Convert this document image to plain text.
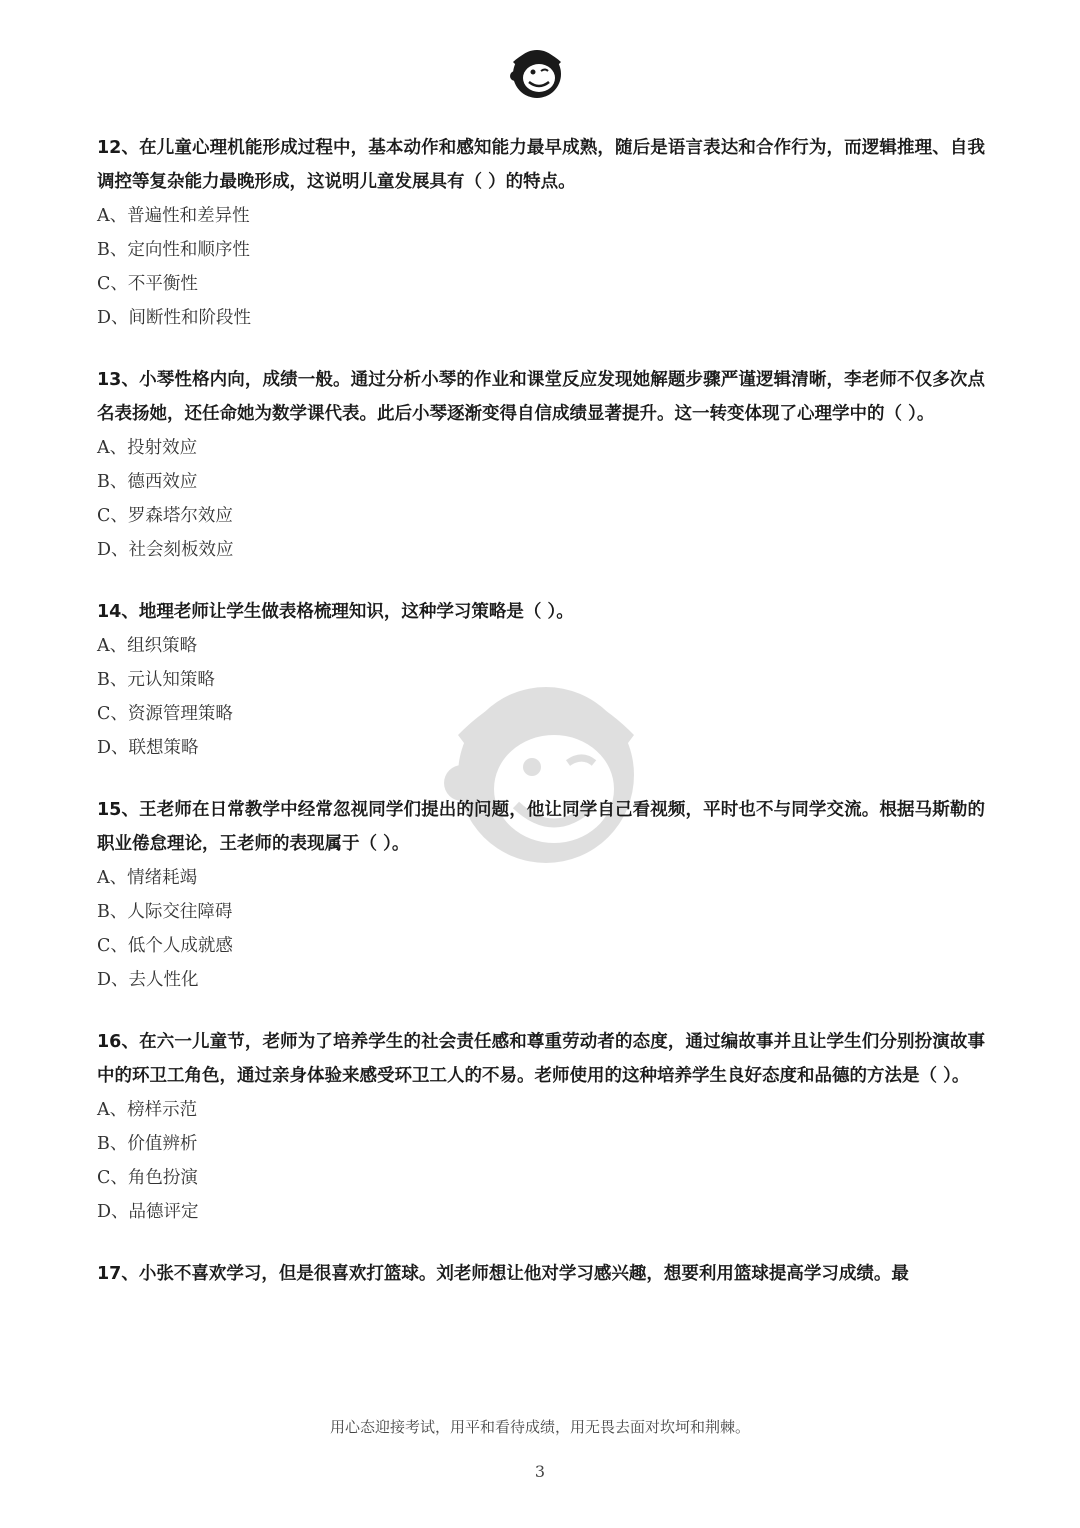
12、在儿童心理机能形成过程中，基本动作和感知能力最早成熟，随后是语言表达和合作行为，而逻辑推理、自我调控等复杂能力最晚形成，这说明儿童发展具有（ ）的特点。

A、普遍性和差异性

B、定向性和顺序性

C、不平衡性

D、间断性和阶段性

13、小琴性格内向，成绩一般。通过分析小琴的作业和课堂反应发现她解题步骤严谨逻辑清晰，李老师不仅多次点名表扬她，还任命她为数学课代表。此后小琴逐渐变得自信成绩显著提升。这一转变体现了心理学中的（ ）。

A、投射效应

B、德西效应

C、罗森塔尔效应

D、社会刻板效应

14、地理老师让学生做表格梳理知识，这种学习策略是（ ）。

A、组织策略

B、元认知策略

C、资源管理策略

D、联想策略

15、王老师在日常教学中经常忽视同学们提出的问题，他让同学自己看视频，平时也不与同学交流。根据马斯勒的职业倦怠理论，王老师的表现属于（ ）。

A、情绪耗竭

B、人际交往障碍

C、低个人成就感

D、去人性化

16、在六一儿童节，老师为了培养学生的社会责任感和尊重劳动者的态度，通过编故事并且让学生们分别扮演故事中的环卫工角色，通过亲身体验来感受环卫工人的不易。老师使用的这种培养学生良好态度和品德的方法是（ ）。

A、榜样示范

B、价值辨析

C、角色扮演

D、品德评定

17、小张不喜欢学习，但是很喜欢打篮球。刘老师想让他对学习感兴趣，想要利用篮球提高学习成绩。最

用心态迎接考试，用平和看待成绩，用无畏去面对坎坷和荆棘。
3
